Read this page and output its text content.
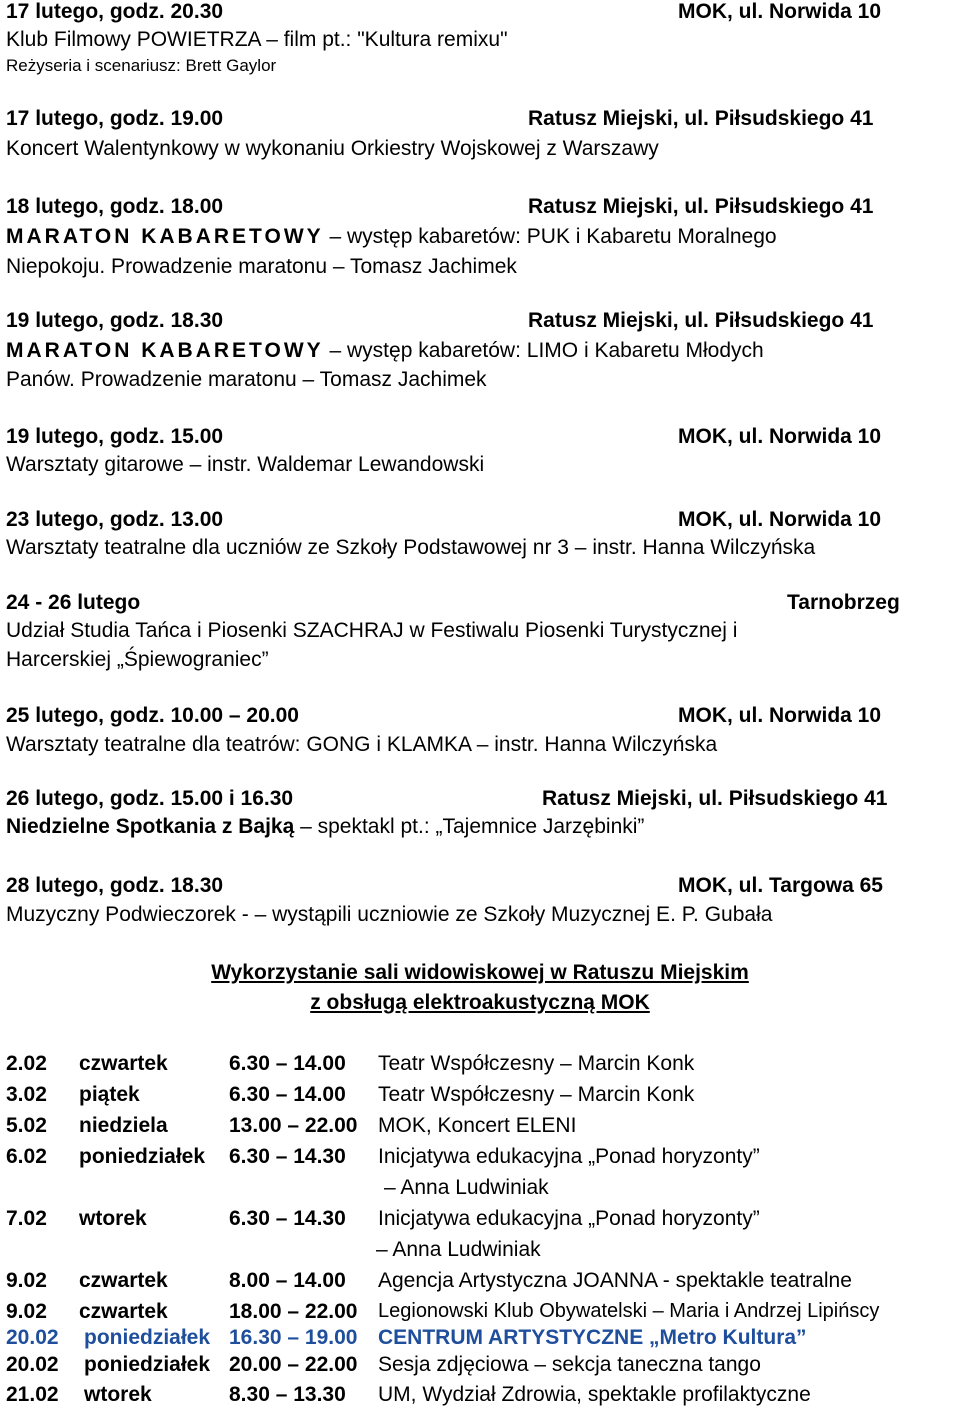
17 lutego, godz. 20.30	MOK, ul. Norwida 10
Klub Filmowy POWIETRZA – film pt.: "Kultura remixu"
Reżyseria i scenariusz: Brett Gaylor
17 lutego, godz. 19.00	Ratusz Miejski, ul. Piłsudskiego 41
Koncert Walentynkowy w wykonaniu Orkiestry Wojskowej z Warszawy
18 lutego, godz. 18.00	Ratusz Miejski, ul. Piłsudskiego 41
MARATON KABARETOWY – występ kabaretów: PUK i Kabaretu Moralnego
Niepokoju. Prowadzenie maratonu – Tomasz Jachimek
19 lutego, godz. 18.30	Ratusz Miejski, ul. Piłsudskiego 41
MARATON KABARETOWY – występ kabaretów: LIMO i Kabaretu Młodych
Panów. Prowadzenie maratonu – Tomasz Jachimek
19 lutego, godz. 15.00	MOK, ul. Norwida 10
Warsztaty gitarowe – instr. Waldemar Lewandowski
23 lutego, godz. 13.00	MOK, ul. Norwida 10
Warsztaty teatralne dla uczniów ze Szkoły Podstawowej nr 3 – instr. Hanna Wilczyńska
24 - 26 lutego	Tarnobrzeg
Udział Studia Tańca i Piosenki SZACHRAJ w Festiwalu Piosenki Turystycznej i
Harcerskiej „Śpiewograniec”
25 lutego, godz. 10.00 – 20.00	MOK, ul. Norwida 10
Warsztaty teatralne dla teatrów: GONG i KLAMKA – instr. Hanna Wilczyńska
26 lutego, godz. 15.00 i 16.30	Ratusz Miejski, ul. Piłsudskiego 41
Niedzielne Spotkania z Bajką – spektakl pt.: „Tajemnice Jarzębinki”
28 lutego, godz. 18.30	MOK, ul. Targowa 65
Muzyczny Podwieczorek - – wystąpili uczniowie ze Szkoły Muzycznej E. P. Gubała
Wykorzystanie sali widowiskowej w Ratuszu Miejskim
z obsługą elektroakustyczną MOK
2.02 czwartek	6.30 – 14.00 Teatr Współczesny – Marcin Konk
3.02 piątek	6.30 – 14.00 Teatr Współczesny – Marcin Konk
5.02 niedziela	13.00 – 22.00 MOK, Koncert ELENI
6.02 poniedziałek 6.30 – 14.30 Inicjatywa edukacyjna „Ponad horyzonty”
– Anna Ludwiniak
7.02 wtorek	6.30 – 14.30 Inicjatywa edukacyjna „Ponad horyzonty”
– Anna Ludwiniak
9.02 czwartek	8.00 – 14.00 Agencja Artystyczna JOANNA - spektakle teatralne
9.02 czwartek	18.00 – 22.00 Legionowski Klub Obywatelski – Maria i Andrzej Lipińscy
20.02 poniedziałek 16.30 – 19.00 CENTRUM ARTYSTYCZNE „Metro Kultura”
20.02 poniedziałek 20.00 – 22.00 Sesja zdjęciowa – sekcja taneczna tango
21.02 wtorek	8.30 – 13.30 UM, Wydział Zdrowia, spektakle profilaktyczne
